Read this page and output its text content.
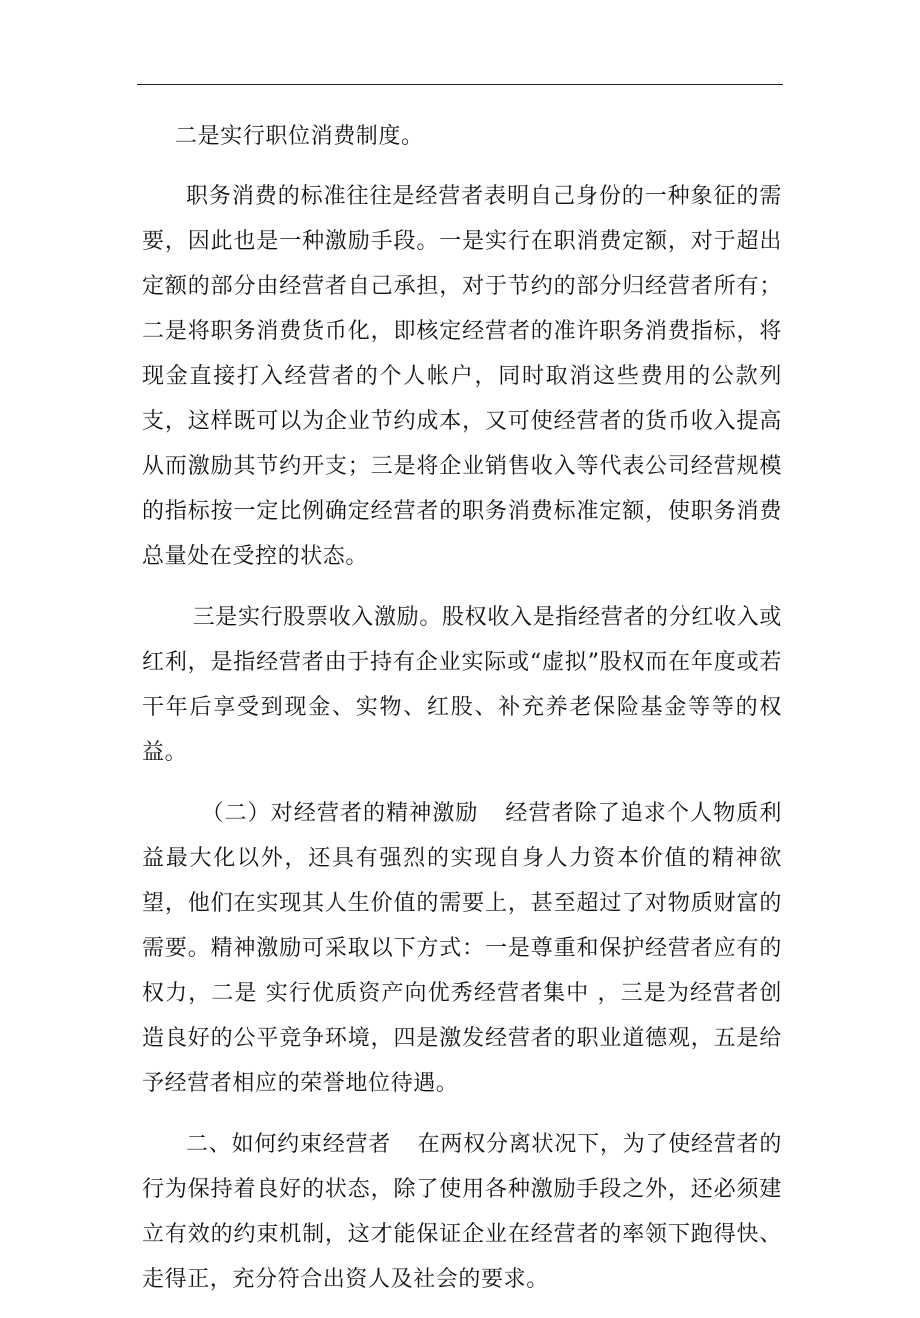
二是实行职位消费制度。

职务消费的标准往往是经营者表明自己身份的一种象征的需要，因此也是一种激励手段。一是实行在职消费定额，对于超出定额的部分由经营者自己承担，对于节约的部分归经营者所有；二是将职务消费货币化，即核定经营者的准许职务消费指标，将现金直接打入经营者的个人帐户，同时取消这些费用的公款列支，这样既可以为企业节约成本，又可使经营者的货币收入提高从而激励其节约开支；三是将企业销售收入等代表公司经营规模的指标按一定比例确定经营者的职务消费标准定额，使职务消费总量处在受控的状态。

三是实行股票收入激励。股权收入是指经营者的分红收入或红利，是指经营者由于持有企业实际或“虚拟”股权而在年度或若干年后享受到现金、实物、红股、补充养老保险基金等等的权益。

（二）对经营者的精神激励 经营者除了追求个人物质利益最大化以外，还具有强烈的实现自身人力资本价值的精神欲望，他们在实现其人生价值的需要上，甚至超过了对物质财富的需要。精神激励可采取以下方式：一是尊重和保护经营者应有的权力，二是 实行优质资产向优秀经营者集中 ，三是为经营者创造良好的公平竞争环境，四是激发经营者的职业道德观，五是给予经营者相应的荣誉地位待遇。

二、如何约束经营者 在两权分离状况下，为了使经营者的行为保持着良好的状态，除了使用各种激励手段之外，还必须建立有效的约束机制，这才能保证企业在经营者的率领下跑得快、走得正，充分符合出资人及社会的要求。
